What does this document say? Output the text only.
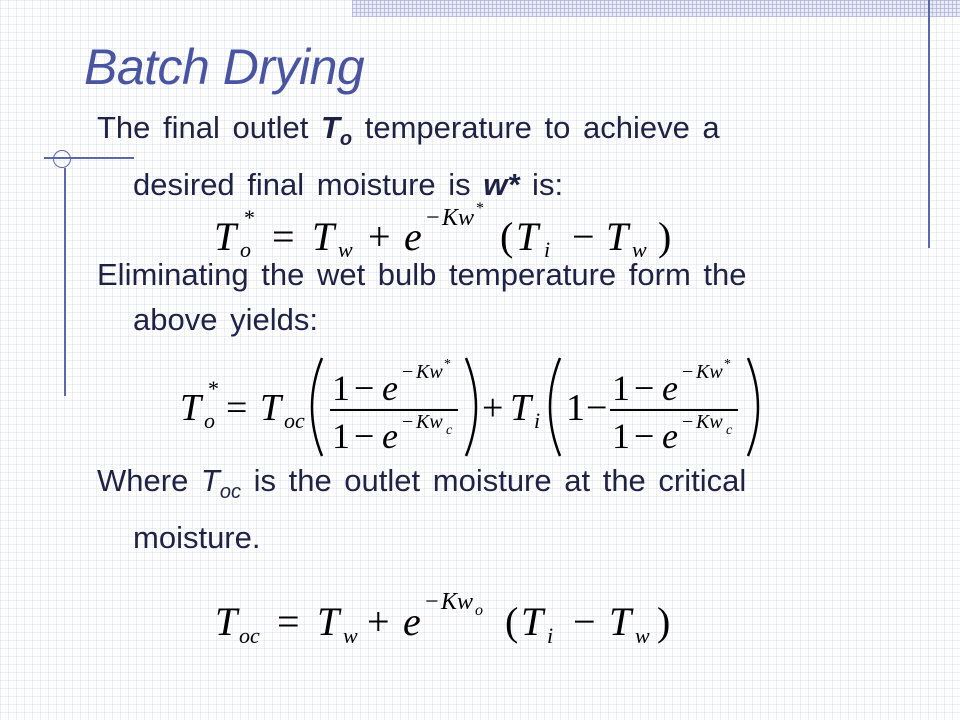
Batch Drying

The final outlet $T_o$ temperature to achieve a
desired final moisture is w* is:

T o
* = T w + e − Kw *
( T i − T w )

Eliminating the wet bulb temperature form the
above yields:

T o
* = T oc
1 − e − Kw *
1 − e − Kw c
+ T i 1 − 1 − e − Kw *
1 − e − Kw c

Where $T_{oc}$ is the outlet moisture at the critical
moisture.

T oc = T w + e − Kw o ( T i − T w )
